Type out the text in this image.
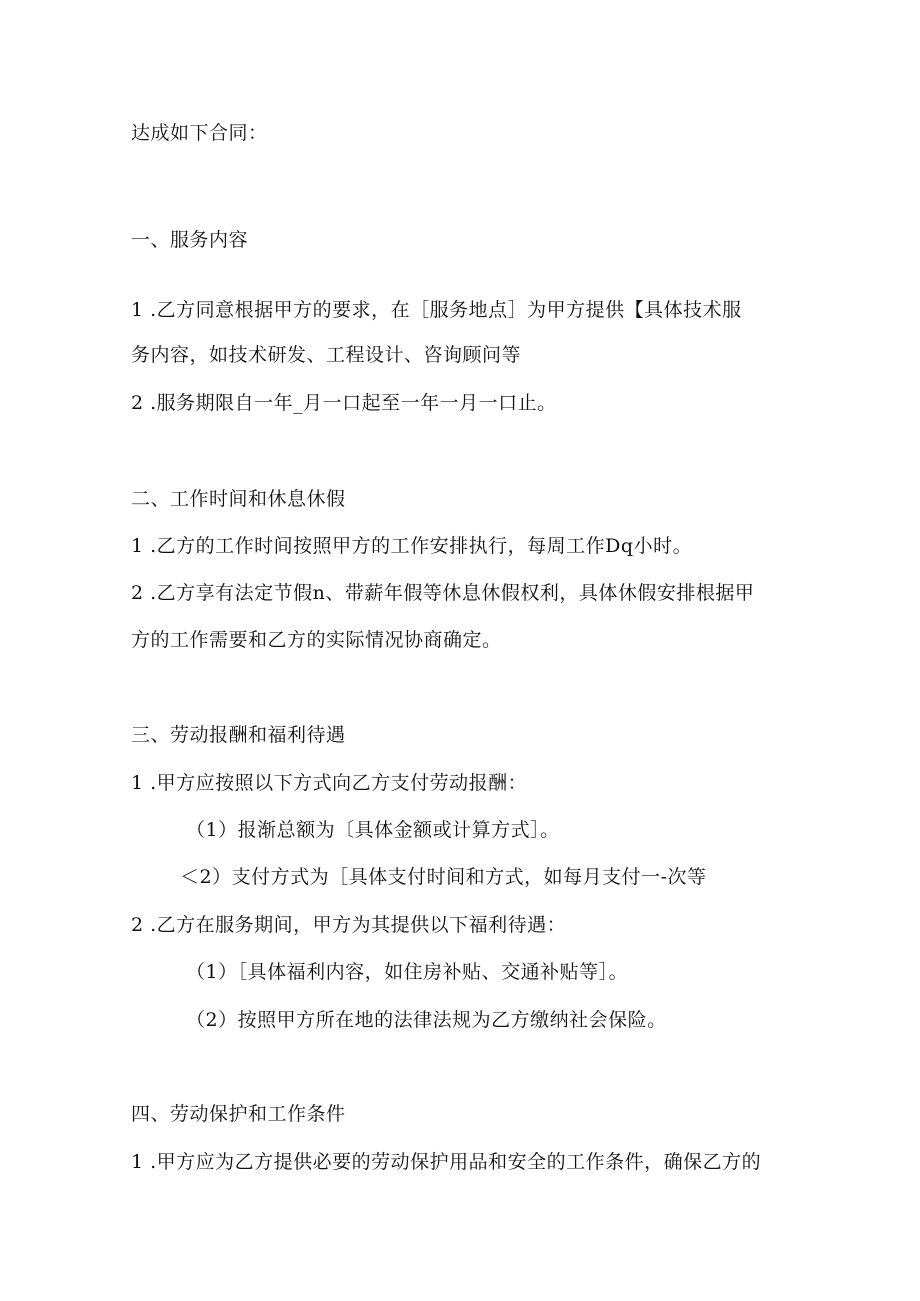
达成如下合同：
一、服务内容
1 .乙方同意根据甲方的要求，在［服务地点］为甲方提供【具体技术服
务内容，如技术研发、工程设计、咨询顾问等
2 .服务期限自一年_月一口起至一年一月一口止。
二、工作时间和休息休假
1 .乙方的工作时间按照甲方的工作安排执行，每周工作Dq小时。
2 .乙方享有法定节假n、带薪年假等休息休假权利，具体休假安排根据甲
方的工作需要和乙方的实际情况协商确定。
三、劳动报酬和福利待遇
1 .甲方应按照以下方式向乙方支付劳动报酬：
（1）报渐总额为〔具体金额或计算方式］。
＜2）支付方式为［具体支付时间和方式，如每月支付一-次等
2 .乙方在服务期间，甲方为其提供以下福利待遇：
（1）［具体福利内容，如住房补贴、交通补贴等］。
（2）按照甲方所在地的法律法规为乙方缴纳社会保险。
四、劳动保护和工作条件
1 .甲方应为乙方提供必要的劳动保护用品和安全的工作条件，确保乙方的
